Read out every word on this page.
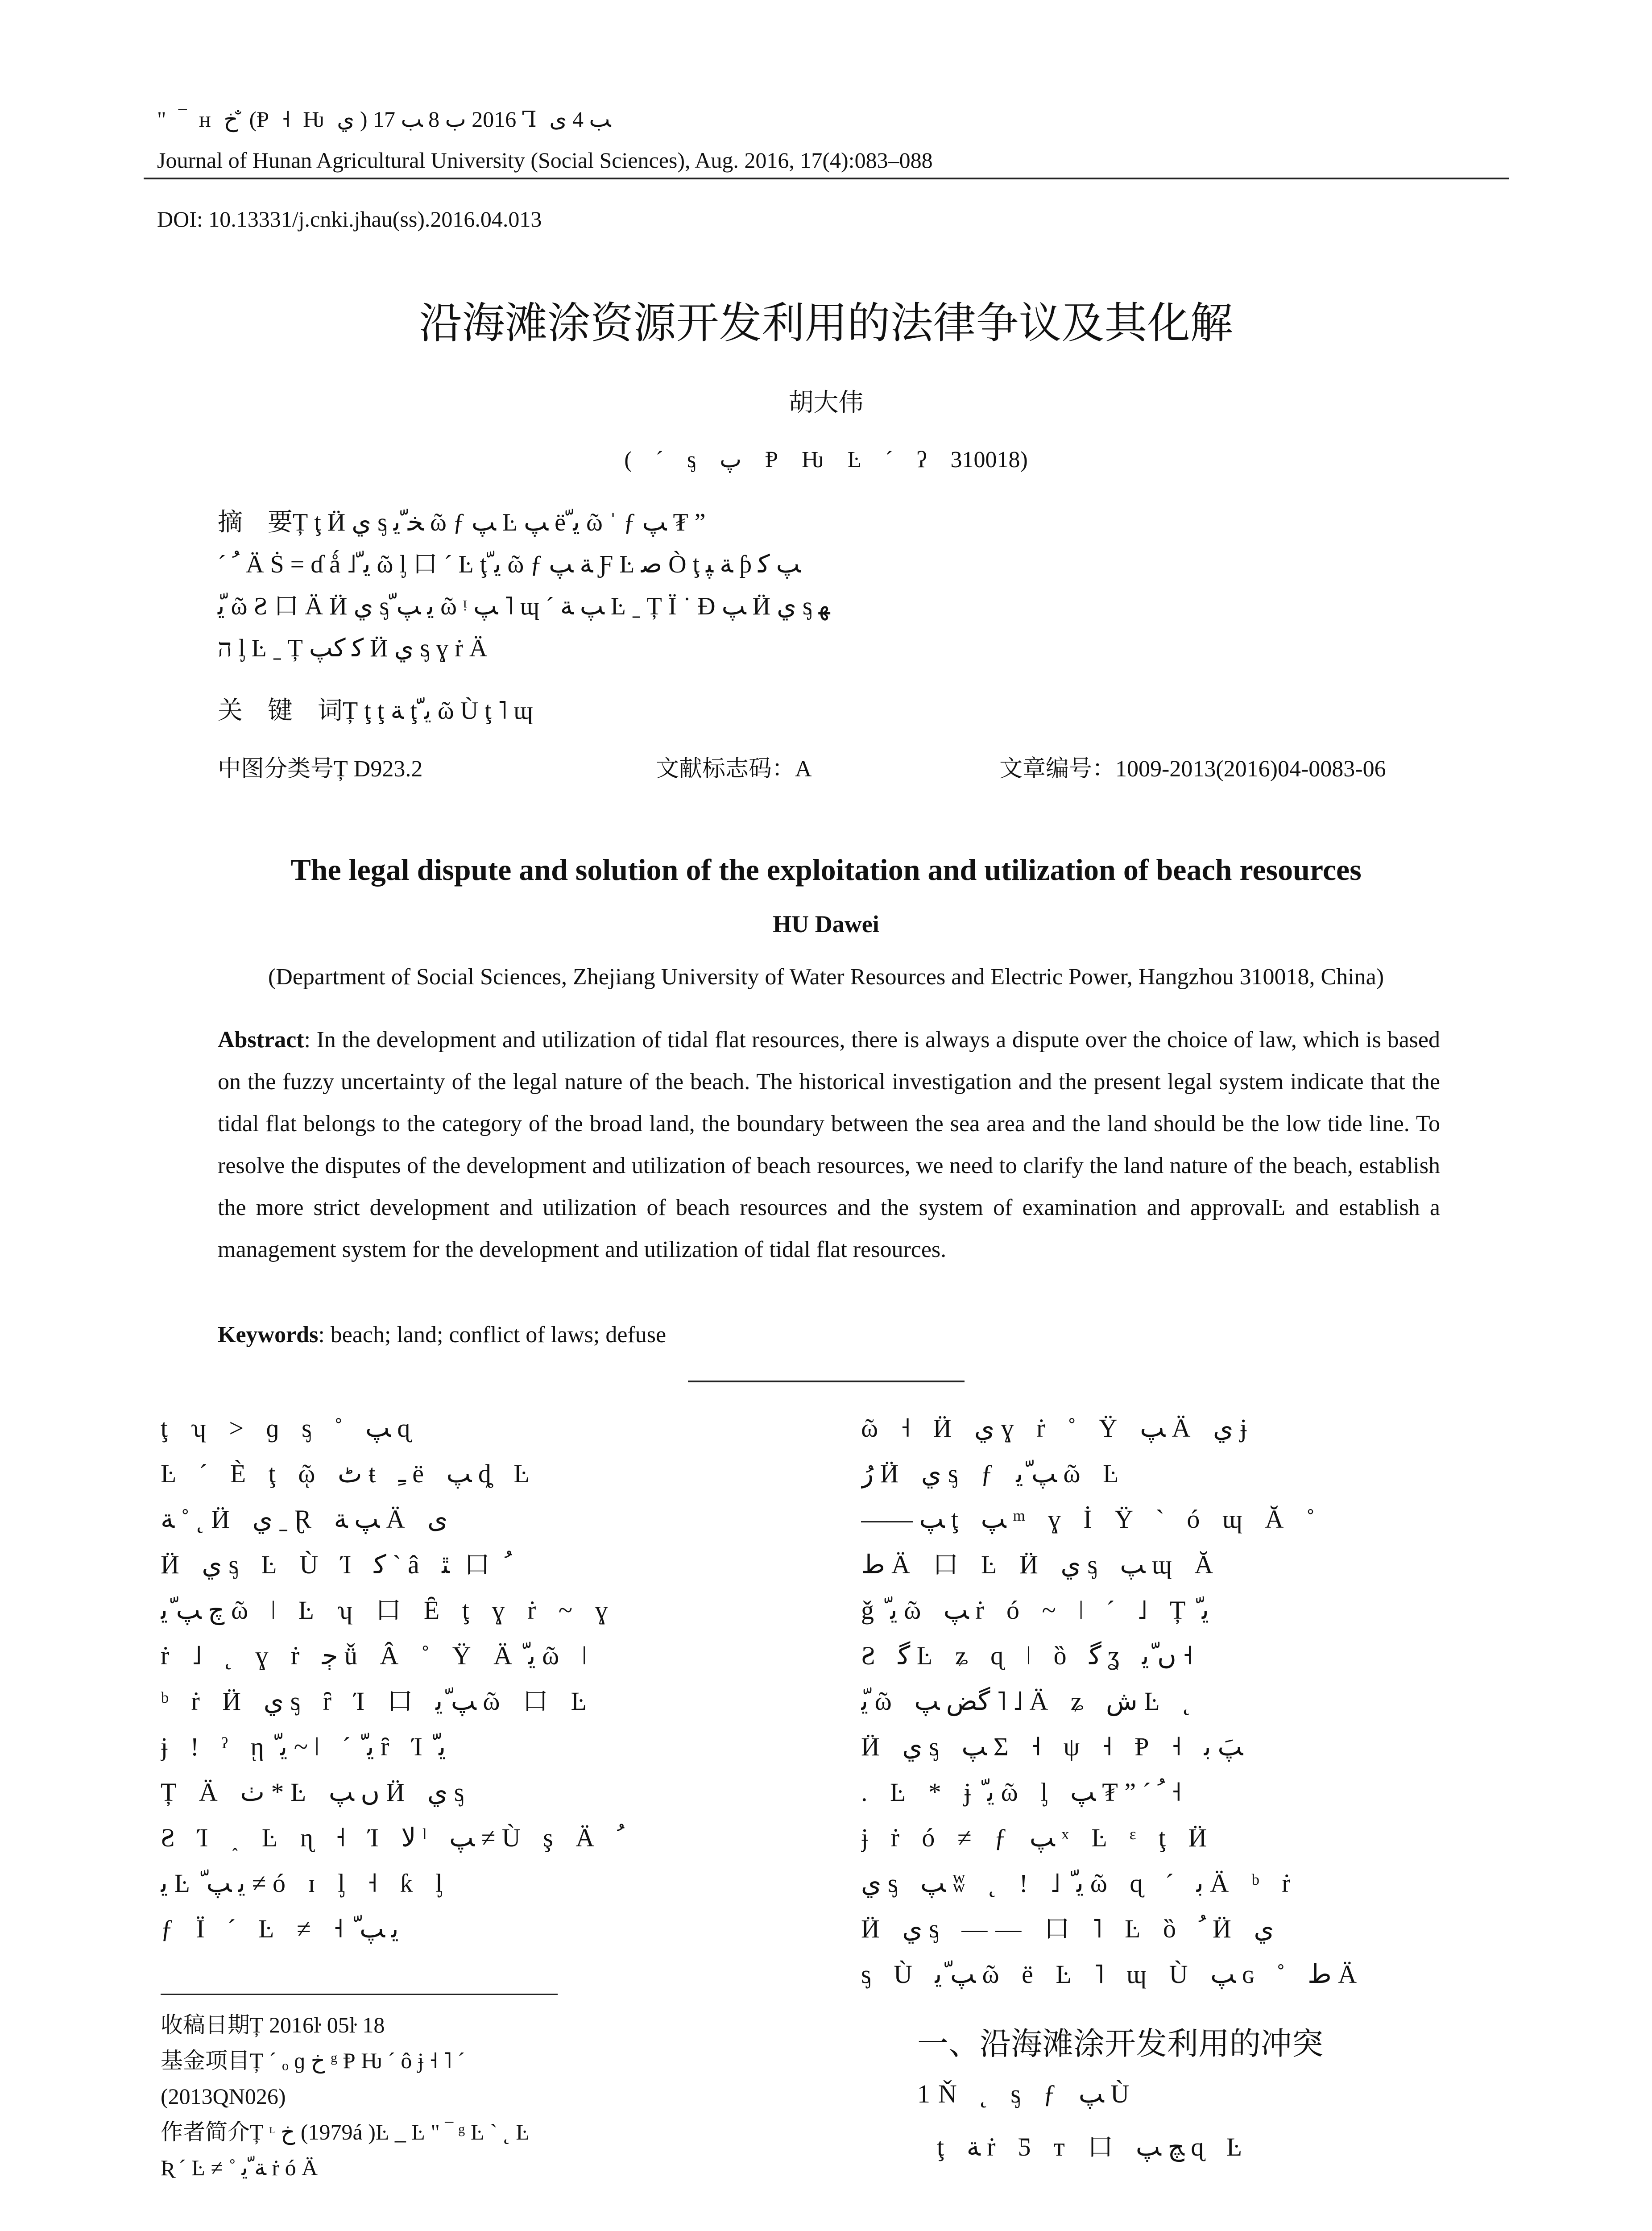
" ‾ ʜ ﺥ ̐ (Ᵽ ˧ Ƕ ي ) 2016 ب 8 ﺐ 17 Ꞁ ﺐ 4 ﯼ
Journal of Hunan Agricultural University (Social Sciences), Aug. 2016, 17(4):083–088
DOI: 10.13331/j.cnki.jhau(ss).2016.04.013
沿海滩涂资源开发利用的法律争议及其化解
胡大伟
( ˊ ᶊ ﭖ Ᵽ Ƕ Ŀ ˊ ʔ 310018)
摘　要Ț ţ Ӥ ي ᶊ ﺨ ّﯾ ῶ ƒ ﭗ Ŀ ﭗ ё ّﯾ ῶ ˈ ƒ ﭗ ₮ ˮ
ˊ ﹸ Ä Ṡ = ɗ ǻ ˩ ّﯾ ῶ ᶅ ⼝ ˊ Ŀ ţ ّﯾ ῶ ƒ ﺔ ﭗ Ƒ Ŀ ﺻ Ò ţ ﺔ ﭙ ƥ ﭗ ﮐ
ّﯾ ῶ Ƨ ⼝ Ä Ӥ ي ᶊ ّﯾ ﭗ ῶ ᵎ ﭗ ˥ ɰ ˊ ﭗ ﺔ Ŀ ˍ Ț Ï ˙ Ɖ ﭗ Ӥ ي ᶊ ﻬ
ה ᶅ Ŀ ˍ Ț ﮐ ﮐﭗ Ӥ ي ᶊ ɣ ṙ Ä
关　键　词Ț ţ ţ ﺔ ţ ّﯾ ῶ Ù ţ ˥ ɰ
中图分类号Ț D923.2	文献标志码：A	文章编号：1009-2013(2016)04-0083-06
The legal dispute and solution of the exploitation and utilization of beach resources
HU Dawei
(Department of Social Sciences, Zhejiang University of Water Resources and Electric Power, Hangzhou 310018, China)
Abstract: In the development and utilization of tidal flat resources, there is always a dispute over the choice of law, which is based on the fuzzy uncertainty of the legal nature of the beach. The historical investigation and the present legal system indicate that the tidal flat belongs to the category of the broad land, the boundary between the sea area and the land should be the low tide line. To resolve the disputes of the development and utilization of beach resources, we need to clarify the land nature of the beach, establish the more strict development and utilization of beach resources and the system of examination and approvalĿ and establish a management system for the development and utilization of tidal flat resources.
Keywords: beach; land; conflict of laws; defuse

ţ ʮ > ɡ ᶊ ˚ ﭗ ɋ

Ŀ ˊ È ţ ῷ ﭦ ŧ ﹻ ё ﭗ ȡ Ŀ

ﺔ ˚ ˛ Ӥ ي ˍ Ɽ ﭗ ﺔ Ä ﯼ

Ӥ ي ᶊ Ŀ Ù Ί ﮐ ˋ â ﹸ ⼝ ﭥ

ﭺ ﭗ ّﯾ ῶ ǀ Ŀ ʮ ⼝ Ȇ ţ ɣ ṙ ~ ɣ

ṙ ˩ ˛ ɣ ṙ ﭴ ǚ Â ˚ Ÿ Ä ّﯾ ῶ ǀ

ᵇ ṙ Ӥ ي ᶊ ȓ Ί ⼝ ﭗ ّﯾ ῶ ⼝ Ŀ

ɉ ! ˀ ῃ ّﯾ ~ ǀ ˊ ّﯾ ȓ Ί ّﯾ

Ț Ä ﭞ * Ŀ ﮞ ﭗ Ӥ ي ᶊ

Ƨ Ί ˰ Ŀ ɳ ˧ Ί ﻻ ˡ ﭗ ≠ Ù ş Ä ﹸ

ﯾ Ŀ ّﯾ ﭗ ≠ ó ɪ ᶅ ˧ ƙ ᶅ

ƒ Ï ˊ Ŀ ≠ ˧ ّﯾ ﭗ

ῶ ˧ Ӥ ي ɣ ṙ ˚ Ÿ ﭗ Ä ﻱ ɉ

ﺭُ Ӥ ي ᶊ ƒ ﭗ ّﯾ ῶ Ŀ

—— ﭗ ţ ﭗ ᵐ ɣ İ Ÿ ˋ ó ɰ Ă ˚

ﻁ Ä ⼝ Ŀ Ӥ ي ᶊ ﭗ ɰ Ă

ǧ ّﯾ ῶ ﭗ ṙ ó ~ ǀ ˊ ˩ Ț ّﯾ

Ƨ ﮔ Ŀ ʑ ɋ ǀ ȍ ﮔ ʓ ﮞ ّﯾ ˧

ّﯾ ῶ ﮔﺾ ﭗ ˥ ˩ Ä ʑ ﺵ Ŀ ˛

Ӥ ي ᶊ ﭗ Σ ˧ ψ ˧ Ᵽ ˧ ﭗَ ﺑ

. Ŀ * ɉ ّﯾ ῶ ᶅ ﭗ ₮ ˮ ˊ ﹸ ˧

ɉ ṙ ó ≠ ƒ ﭗ ˣ Ŀ ᵋ ţ Ӥ

ي ᶊ ﭗ ʬ ˛ ! ˩ ّﯾ ῶ ɋ ˊ ﺑ Ä ᵇ ṙ

Ӥ ي ᶊ —— ⼝ ˥ Ŀ ȍ ﹸ Ӥ ي

ᶊ Ù ﭗ ّﯾ ῶ ё Ŀ ˥ ɰ Ù ﭗ ɢ ˚ ﻁ Ä

收稿日期Ț 2016ŀ 05ŀ 18

基金项目Ț ˊ ₒ ɡ ﺥ ᵍ Ᵽ Ƕ ˊ ô ɉ ˧ ˥ ˊ

(2013QN026)

作者简介Ț ᶫ ﺥ (1979á )Ŀ _ Ŀ " ‾ ᵍ Ŀ ˋ ˛ Ŀ

Ʀ ˊ Ŀ ≠ ˚ ﺔ ّﯾ ṙ ó Ä

一、沿海滩涂开发利用的冲突
1Ň ˛ ᶊ ƒ ﭗ Ù
ţ ﺔ ṙ Ƽ ᴛ ⼝ ﭻ ﭗ ɋ Ŀ
